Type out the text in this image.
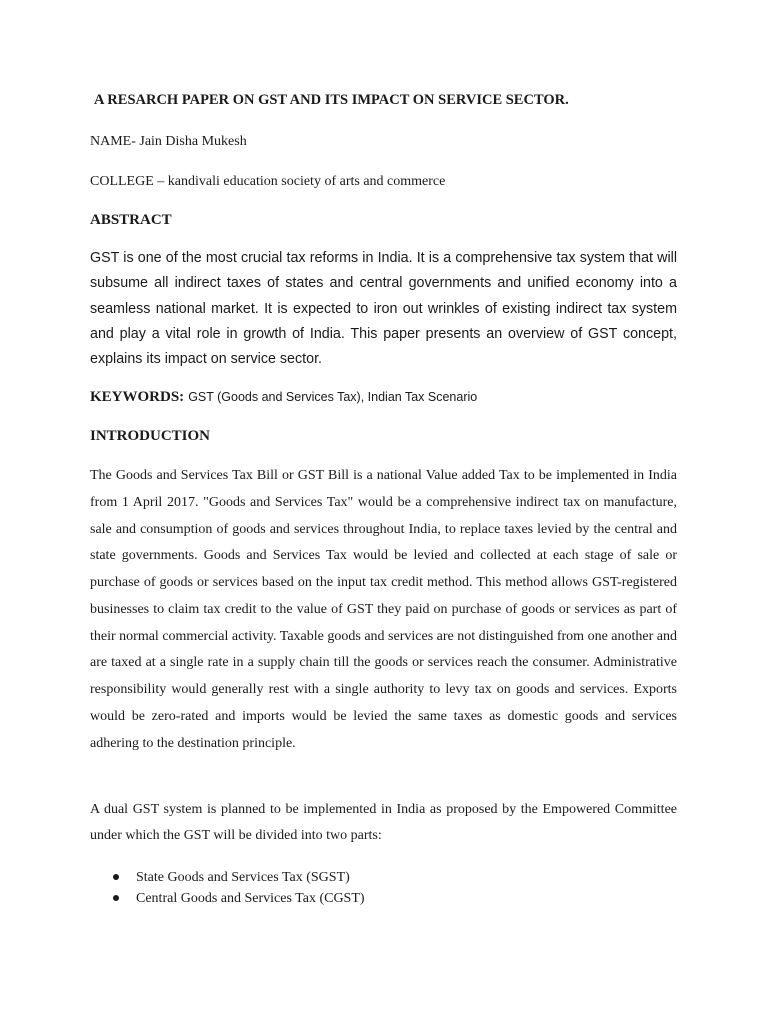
A RESARCH PAPER ON GST AND ITS IMPACT ON SERVICE SECTOR.
NAME- Jain Disha Mukesh
COLLEGE – kandivali education society of arts and commerce
ABSTRACT
GST is one of the most crucial tax reforms in India. It is a comprehensive tax system that will subsume all indirect taxes of states and central governments and unified economy into a seamless national market. It is expected to iron out wrinkles of existing indirect tax system and play a vital role in growth of India. This paper presents an overview of GST concept, explains its impact on service sector.
KEYWORDS: GST (Goods and Services Tax), Indian Tax Scenario
INTRODUCTION
The Goods and Services Tax Bill or GST Bill is a national Value added Tax to be implemented in India from 1 April 2017. "Goods and Services Tax" would be a comprehensive indirect tax on manufacture, sale and consumption of goods and services throughout India, to replace taxes levied by the central and state governments. Goods and Services Tax would be levied and collected at each stage of sale or purchase of goods or services based on the input tax credit method. This method allows GST-registered businesses to claim tax credit to the value of GST they paid on purchase of goods or services as part of their normal commercial activity. Taxable goods and services are not distinguished from one another and are taxed at a single rate in a supply chain till the goods or services reach the consumer. Administrative responsibility would generally rest with a single authority to levy tax on goods and services. Exports would be zero-rated and imports would be levied the same taxes as domestic goods and services adhering to the destination principle.
A dual GST system is planned to be implemented in India as proposed by the Empowered Committee under which the GST will be divided into two parts:
State Goods and Services Tax (SGST)
Central Goods and Services Tax (CGST)
